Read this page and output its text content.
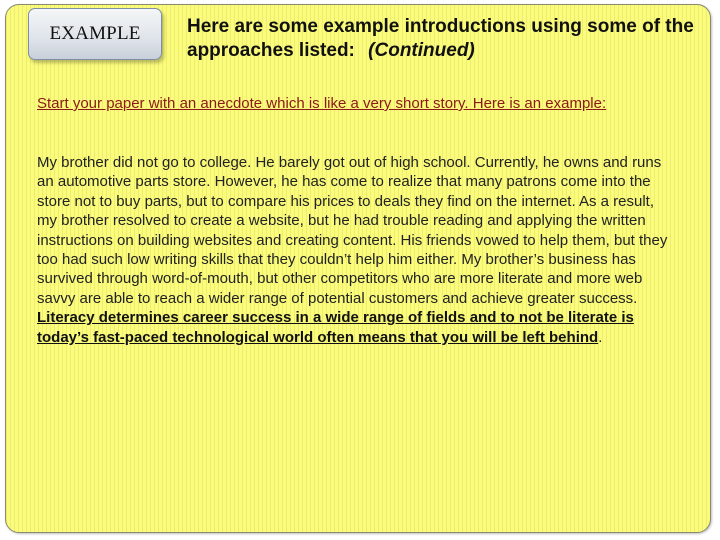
EXAMPLE Here are some example introductions using some of the approaches listed: (Continued)
Start your paper with an anecdote which is like a very short story. Here is an example:
My brother did not go to college. He barely got out of high school. Currently, he owns and runs an automotive parts store. However, he has come to realize that many patrons come into the store not to buy parts, but to compare his prices to deals they find on the internet. As a result, my brother resolved to create a website, but he had trouble reading and applying the written instructions on building websites and creating content. His friends vowed to help them, but they too had such low writing skills that they couldn’t help him either. My brother’s business has survived through word-of-mouth, but other competitors who are more literate and more web savvy are able to reach a wider range of potential customers and achieve greater success. Literacy determines career success in a wide range of fields and to not be literate is today’s fast-paced technological world often means that you will be left behind.
